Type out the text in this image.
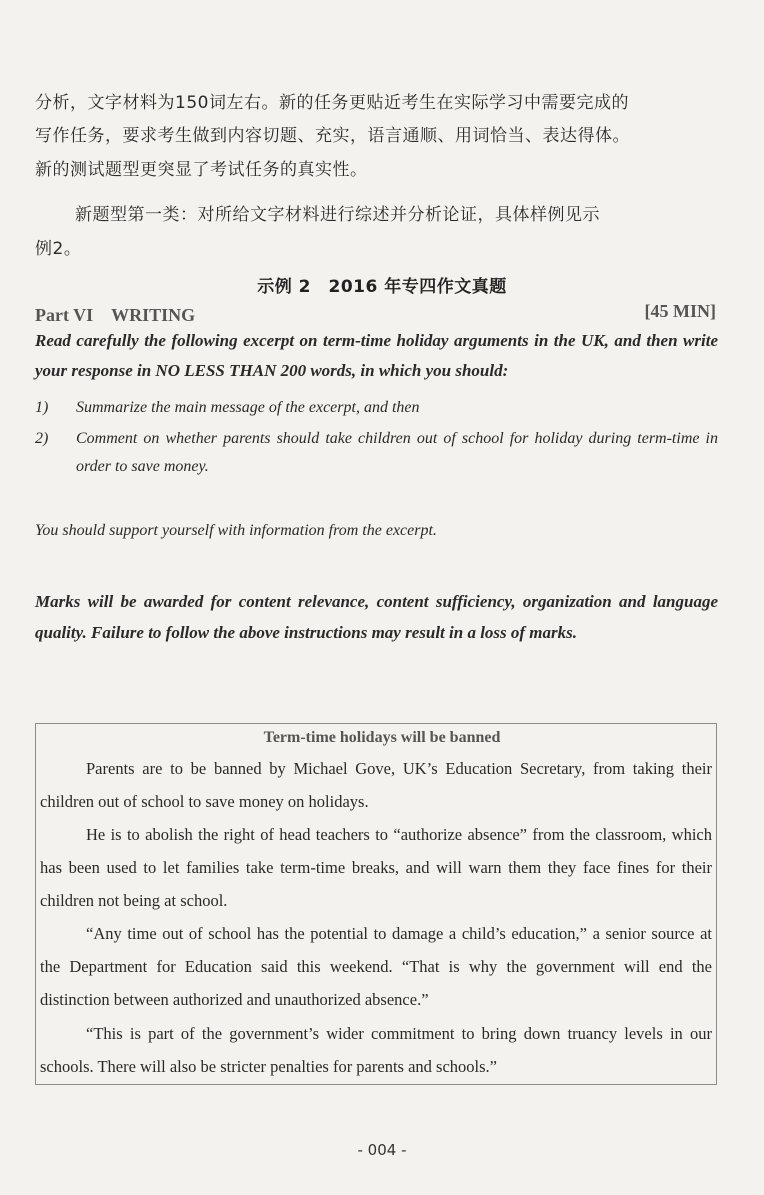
分析，文字材料为150词左右。新的任务更贴近考生在实际学习中需要完成的
写作任务，要求考生做到内容切题、充实，语言通顺、用词恰当、表达得体。
新的测试题型更突显了考试任务的真实性。
新题型第一类：对所给文字材料进行综述并分析论证，具体样例见示
例2。
示例 2　2016 年专四作文真题
Part VI　WRITING	[45 MIN]
Read carefully the following excerpt on term-time holiday arguments in the UK, and then write your response in NO LESS THAN 200 words, in which you should:
1) Summarize the main message of the excerpt, and then
2) Comment on whether parents should take children out of school for holiday during term-time in order to save money.
You should support yourself with information from the excerpt.
Marks will be awarded for content relevance, content sufficiency, organization and language quality. Failure to follow the above instructions may result in a loss of marks.
Term-time holidays will be banned
Parents are to be banned by Michael Gove, UK’s Education Secretary, from taking their children out of school to save money on holidays.
He is to abolish the right of head teachers to “authorize absence” from the classroom, which has been used to let families take term-time breaks, and will warn them they face fines for their children not being at school.
“Any time out of school has the potential to damage a child’s education,” a senior source at the Department for Education said this weekend. “That is why the government will end the distinction between authorized and unauthorized absence.”
“This is part of the government’s wider commitment to bring down truancy levels in our schools. There will also be stricter penalties for parents and schools.”
- 004 -
